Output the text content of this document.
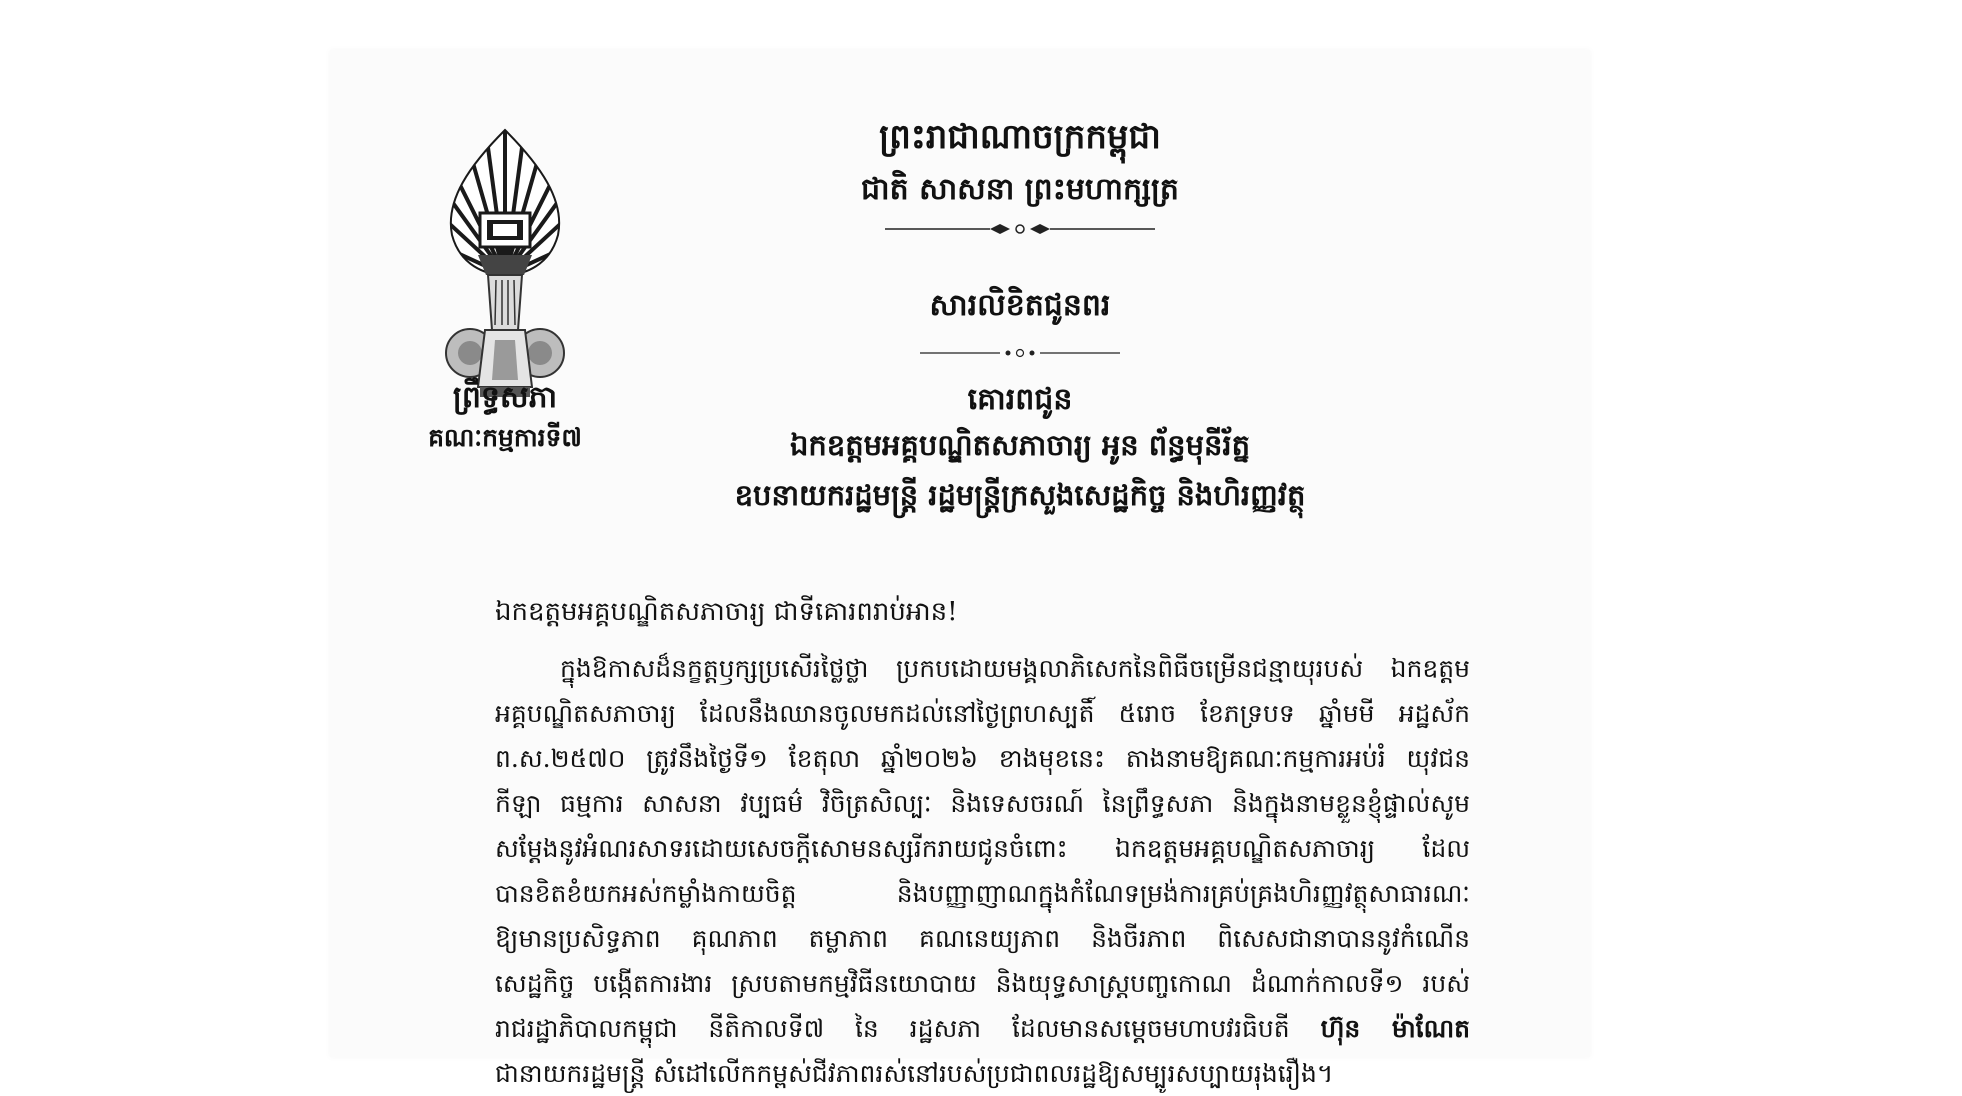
ព្រឹទ្ធសភា
គណៈកម្មការទី៧
ព្រះរាជាណាចក្រកម្ពុជា
ជាតិ សាសនា ព្រះមហាក្សត្រ
សារលិខិតជូនពរ
គោរពជូន
ឯកឧត្តមអគ្គបណ្ឌិតសភាចារ្យ អូន ព័ន្ធមុនីរ័ត្ន
ឧបនាយករដ្ឋមន្ត្រី រដ្ឋមន្ត្រីក្រសួងសេដ្ឋកិច្ច និងហិរញ្ញវត្ថុ
ឯកឧត្តមអគ្គបណ្ឌិតសភាចារ្យ ជាទីគោរពរាប់អាន!
ក្នុងឱកាសដ៏នក្ខត្តឫក្សប្រសើរថ្លៃថ្លា ប្រកបដោយមង្គលាភិសេកនៃពិធីចម្រើនជន្មាយុរបស់ ឯកឧត្តម
អគ្គបណ្ឌិតសភាចារ្យ ដែលនឹងឈានចូលមកដល់នៅថ្ងៃព្រហស្បតិ៍ ៥រោច ខែភទ្របទ ឆ្នាំមមី អដ្ឋស័ក
ព.ស.២៥៧០ ត្រូវនឹងថ្ងៃទី១ ខែតុលា ឆ្នាំ២០២៦ ខាងមុខនេះ តាងនាមឱ្យគណៈកម្មការអប់រំ យុវជន
កីឡា ធម្មការ សាសនា វប្បធម៌ វិចិត្រសិល្បៈ និងទេសចរណ៍ នៃព្រឹទ្ធសភា និងក្នុងនាមខ្លួនខ្ញុំផ្ទាល់សូម
សម្តែងនូវអំណរសាទរដោយសេចក្តីសោមនស្សរីករាយជូនចំពោះ ឯកឧត្តមអគ្គបណ្ឌិតសភាចារ្យ ដែល
បានខិតខំយកអស់កម្លាំងកាយចិត្ត និងបញ្ញាញាណក្នុងកំណែទម្រង់ការគ្រប់គ្រងហិរញ្ញវត្ថុសាធារណៈ
ឱ្យមានប្រសិទ្ធភាព គុណភាព តម្លាភាព គណនេយ្យភាព និងចីរភាព ពិសេសជានាបាននូវកំណើន
សេដ្ឋកិច្ច បង្កើតការងារ ស្របតាមកម្មវិធីនយោបាយ និងយុទ្ធសាស្ត្របញ្ចកោណ ដំណាក់កាលទី១ របស់
រាជរដ្ឋាភិបាលកម្ពុជា នីតិកាលទី៧ នៃ រដ្ឋសភា ដែលមានសម្តេចមហាបវរធិបតី ហ៊ុន ម៉ាណែត
ជានាយករដ្ឋមន្ត្រី សំដៅលើកកម្ពស់ជីវភាពរស់នៅរបស់ប្រជាពលរដ្ឋឱ្យសម្បូរសប្បាយរុងរឿង។
